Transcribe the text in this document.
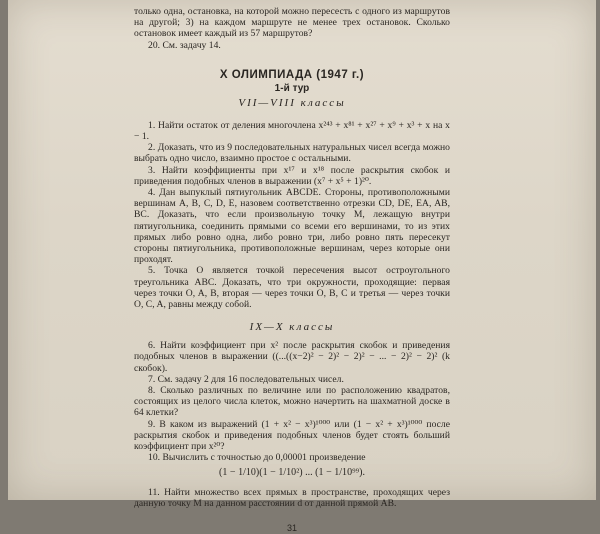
только одна, остановка, на которой можно пересесть с одного из маршрутов на другой; 3) на каждом маршруте не менее трех остановок. Сколько остановок имеет каждый из 57 маршрутов?

20. См. задачу 14.

X ОЛИМПИАДА (1947 г.)
1-й тур
VII—VIII классы

1. Найти остаток от деления многочлена x²⁴³ + x⁸¹ + x²⁷ + x⁹ + x³ + x на x − 1.

2. Доказать, что из 9 последовательных натуральных чисел всегда можно выбрать одно число, взаимно простое с остальными.

3. Найти коэффициенты при x¹⁷ и x¹⁸ после раскрытия скобок и приведения подобных членов в выражении (x⁷ + x⁵ + 1)²⁰.

4. Дан выпуклый пятиугольник ABCDE. Стороны, противоположными вершинам A, B, C, D, E, назовем соответственно отрезки CD, DE, EA, AB, BC. Доказать, что если произвольную точку M, лежащую внутри пятиугольника, соединить прямыми со всеми его вершинами, то из этих прямых либо ровно одна, либо ровно три, либо ровно пять пересекут стороны пятиугольника, противоположные вершинам, через которые они проходят.

5. Точка O является точкой пересечения высот остроугольного треугольника ABC. Доказать, что три окружности, проходящие: первая через точки O, A, B, вторая — через точки O, B, C и третья — через точки O, C, A, равны между собой.

IX—X классы

6. Найти коэффициент при x² после раскрытия скобок и приведения подобных членов в выражении ((...((x−2)² − 2)² − 2)² − ... − 2)² − 2)² (k скобок).

7. См. задачу 2 для 16 последовательных чисел.

8. Сколько различных по величине или по расположению квадратов, состоящих из целого числа клеток, можно начертить на шахматной доске в 64 клетки?

9. В каком из выражений (1 + x² − x³)¹⁰⁰⁰ или (1 − x² + x³)¹⁰⁰⁰ после раскрытия скобок и приведения подобных членов будет стоять больший коэффициент при x²⁰?

10. Вычислить с точностью до 0,00001 произведение

(1 − 1/10)(1 − 1/10²) ... (1 − 1/10⁹⁹).

11. Найти множество всех прямых в пространстве, проходящих через данную точку M на данном расстоянии d от данной прямой AB.

31
